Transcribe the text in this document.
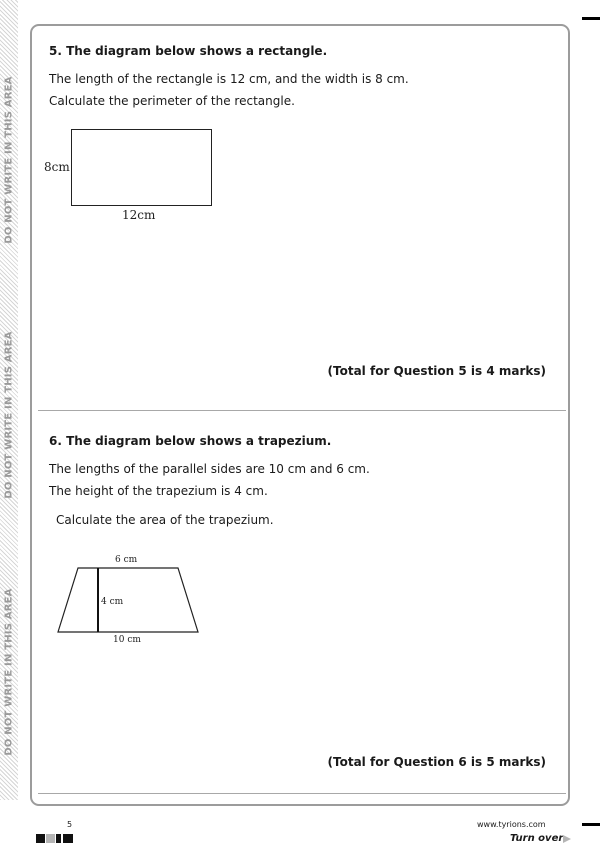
DO NOT WRITE IN THIS AREA
DO NOT WRITE IN THIS AREA
DO NOT WRITE IN THIS AREA
5. The diagram below shows a rectangle.
The length of the rectangle is 12 cm, and the width is 8 cm.
Calculate the perimeter of the rectangle.
8cm
12cm
(Total for Question 5 is 4 marks)
6. The diagram below shows a trapezium.
The lengths of the parallel sides are 10 cm and 6 cm.
The height of the trapezium is 4 cm.
Calculate the area of the trapezium.
6 cm
4 cm
10 cm
(Total for Question 6 is 5 marks)
5	www.tyrions.com
Turn over
